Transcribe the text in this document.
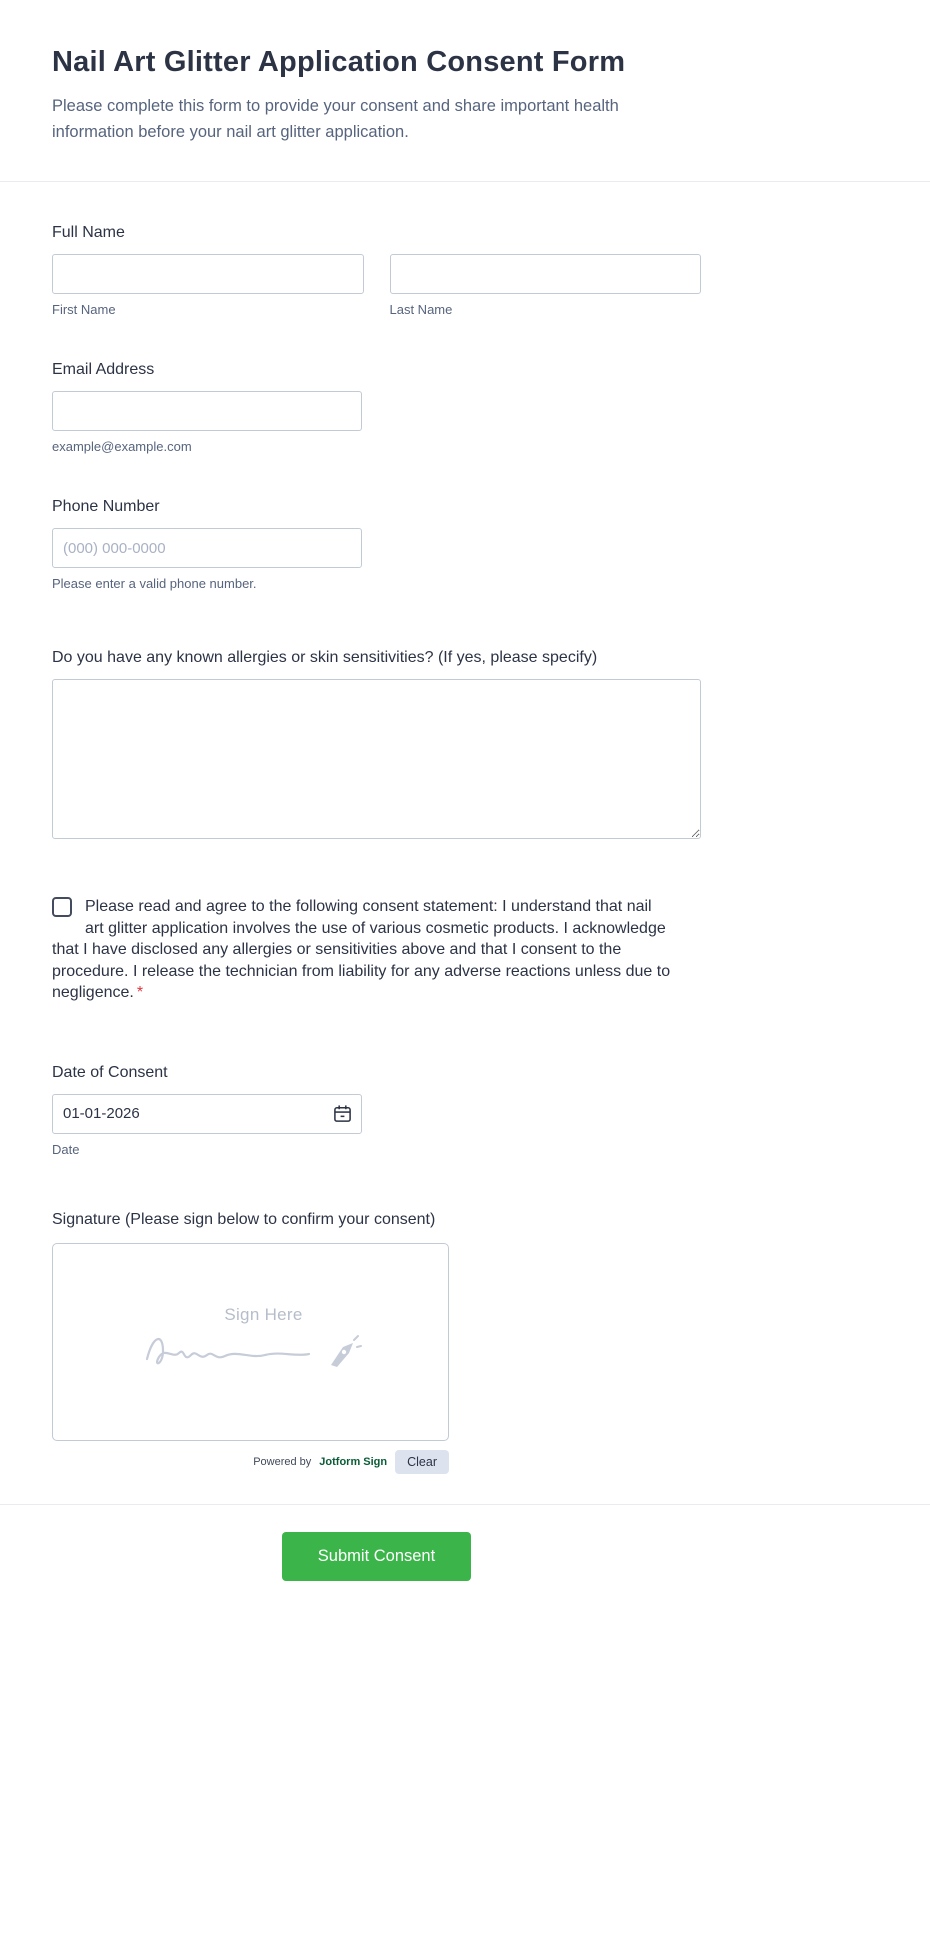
Nail Art Glitter Application Consent Form
Please complete this form to provide your consent and share important health information before your nail art glitter application.
Full Name
First Name	Last Name
Email Address
example@example.com
Phone Number
(000) 000-0000
Please enter a valid phone number.
Do you have any known allergies or skin sensitivities? (If yes, please specify)
Please read and agree to the following consent statement: I understand that nail art glitter application involves the use of various cosmetic products. I acknowledge that I have disclosed any allergies or sensitivities above and that I consent to the procedure. I release the technician from liability for any adverse reactions unless due to negligence. *
Date of Consent
01-01-2026
Date
Signature (Please sign below to confirm your consent)
Sign Here
Powered by Jotform Sign	Clear
Submit Consent
